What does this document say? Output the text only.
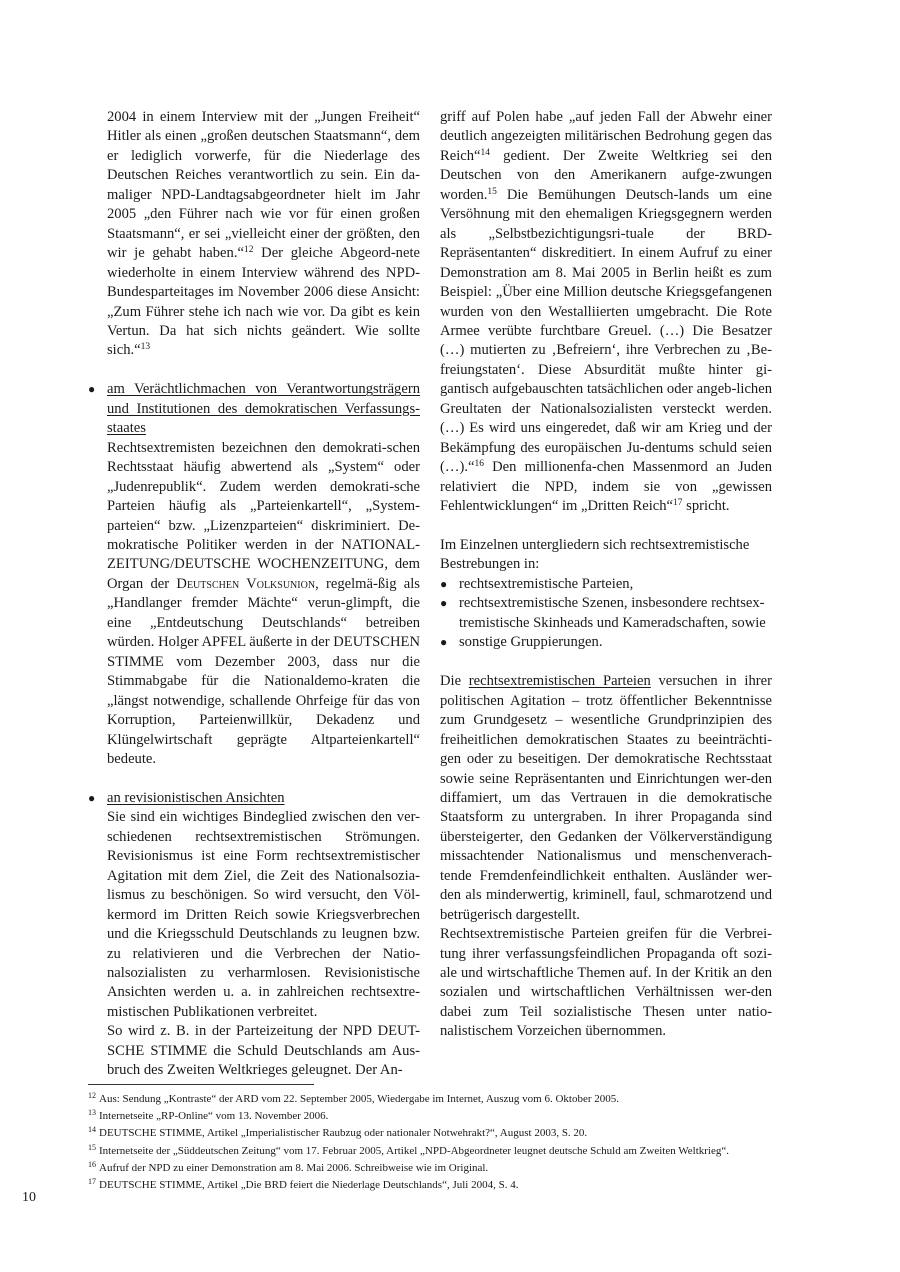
2004 in einem Interview mit der „Jungen Freiheit“ Hitler als einen „großen deutschen Staatsmann“, dem er lediglich vorwerfe, für die Niederlage des Deutschen Reiches verantwortlich zu sein. Ein da-maliger NPD-Landtagsabgeordneter hielt im Jahr 2005 „den Führer nach wie vor für einen großen Staatsmann“, er sei „vielleicht einer der größten, den wir je gehabt haben.“$^{12}$ Der gleiche Abgeord-nete wiederholte in einem Interview während des NPD-Bundesparteitages im November 2006 diese Ansicht: „Zum Führer stehe ich nach wie vor. Da gibt es kein Vertun. Da hat sich nichts geändert. Wie sollte sich.“$^{13}$

● am Verächtlichmachen von Verantwortungsträgern und Institutionen des demokratischen Verfassungs-staates

Rechtsextremisten bezeichnen den demokrati-schen Rechtsstaat häufig abwertend als „System“ oder „Judenrepublik“. Zudem werden demokrati-sche Parteien häufig als „Parteienkartell“, „System-parteien“ bzw. „Lizenzparteien“ diskriminiert. De-mokratische Politiker werden in der NATIONAL-ZEITUNG/DEUTSCHE WOCHENZEITUNG, dem Organ der Deutschen Volksunion, regelmä-ßig als „Handlanger fremder Mächte“ verun-glimpft, die eine „Entdeutschung Deutschlands“ betreiben würden. Holger APFEL äußerte in der DEUTSCHEN STIMME vom Dezember 2003, dass nur die Stimmabgabe für die Nationaldemo-kraten die „längst notwendige, schallende Ohrfeige für das von Korruption, Parteienwillkür, Dekadenz und Klüngelwirtschaft geprägte Altparteienkartell“ bedeute.

● an revisionistischen Ansichten

Sie sind ein wichtiges Bindeglied zwischen den ver-schiedenen rechtsextremistischen Strömungen. Revisionismus ist eine Form rechtsextremistischer Agitation mit dem Ziel, die Zeit des Nationalsozia-lismus zu beschönigen. So wird versucht, den Völ-kermord im Dritten Reich sowie Kriegsverbrechen und die Kriegsschuld Deutschlands zu leugnen bzw. zu relativieren und die Verbrechen der Natio-nalsozialisten zu verharmlosen. Revisionistische Ansichten werden u. a. in zahlreichen rechtsextre-mistischen Publikationen verbreitet.

So wird z. B. in der Parteizeitung der NPD DEUT-SCHE STIMME die Schuld Deutschlands am Aus-bruch des Zweiten Weltkrieges geleugnet. Der An-

griff auf Polen habe „auf jeden Fall der Abwehr einer deutlich angezeigten militärischen Bedrohung gegen das Reich“$^{14}$ gedient. Der Zweite Weltkrieg sei den Deutschen von den Amerikanern aufge-zwungen worden.$^{15}$ Die Bemühungen Deutsch-lands um eine Versöhnung mit den ehemaligen Kriegsgegnern werden als „Selbstbezichtigungsri-tuale der BRD-Repräsentanten“ diskreditiert. In einem Aufruf zu einer Demonstration am 8. Mai 2005 in Berlin heißt es zum Beispiel: „Über eine Million deutsche Kriegsgefangenen wurden von den Westalliierten umgebracht. Die Rote Armee verübte furchtbare Greuel. (…) Die Besatzer (…) mutierten zu ‚Befreiern‘, ihre Verbrechen zu ‚Be-freiungstaten‘. Diese Absurdität mußte hinter gi-gantisch aufgebauschten tatsächlichen oder angeb-lichen Greultaten der Nationalsozialisten versteckt werden. (…) Es wird uns eingeredet, daß wir am Krieg und der Bekämpfung des europäischen Ju-dentums schuld seien (…).“$^{16}$ Den millionenfa-chen Massenmord an Juden relativiert die NPD, indem sie von „gewissen Fehlentwicklungen“ im „Dritten Reich“$^{17}$ spricht.

Im Einzelnen untergliedern sich rechtsextremistische Bestrebungen in:

● rechtsextremistische Parteien,
● rechtsextremistische Szenen, insbesondere rechtsex-tremistische Skinheads und Kameradschaften, sowie
● sonstige Gruppierungen.

Die rechtsextremistischen Parteien versuchen in ihrer politischen Agitation – trotz öffentlicher Bekenntnisse zum Grundgesetz – wesentliche Grundprinzipien des freiheitlichen demokratischen Staates zu beeinträchti-gen oder zu beseitigen. Der demokratische Rechtsstaat sowie seine Repräsentanten und Einrichtungen wer-den diffamiert, um das Vertrauen in die demokratische Staatsform zu untergraben. In ihrer Propaganda sind übersteigerter, den Gedanken der Völkerverständigung missachtender Nationalismus und menschenverach-tende Fremdenfeindlichkeit enthalten. Ausländer wer-den als minderwertig, kriminell, faul, schmarotzend und betrügerisch dargestellt.

Rechtsextremistische Parteien greifen für die Verbrei-tung ihrer verfassungsfeindlichen Propaganda oft sozi-ale und wirtschaftliche Themen auf. In der Kritik an den sozialen und wirtschaftlichen Verhältnissen wer-den dabei zum Teil sozialistische Thesen unter natio-nalistischem Vorzeichen übernommen.

$^{12}$ Aus: Sendung „Kontraste“ der ARD vom 22. September 2005, Wiedergabe im Internet, Auszug vom 6. Oktober 2005.

$^{13}$ Internetseite „RP-Online“ vom 13. November 2006.

$^{14}$ DEUTSCHE STIMME, Artikel „Imperialistischer Raubzug oder nationaler Notwehrakt?“, August 2003, S. 20.

$^{15}$ Internetseite der „Süddeutschen Zeitung“ vom 17. Februar 2005, Artikel „NPD-Abgeordneter leugnet deutsche Schuld am Zweiten Weltkrieg“.

$^{16}$ Aufruf der NPD zu einer Demonstration am 8. Mai 2006. Schreibweise wie im Original.

$^{17}$ DEUTSCHE STIMME, Artikel „Die BRD feiert die Niederlage Deutschlands“, Juli 2004, S. 4.

10
